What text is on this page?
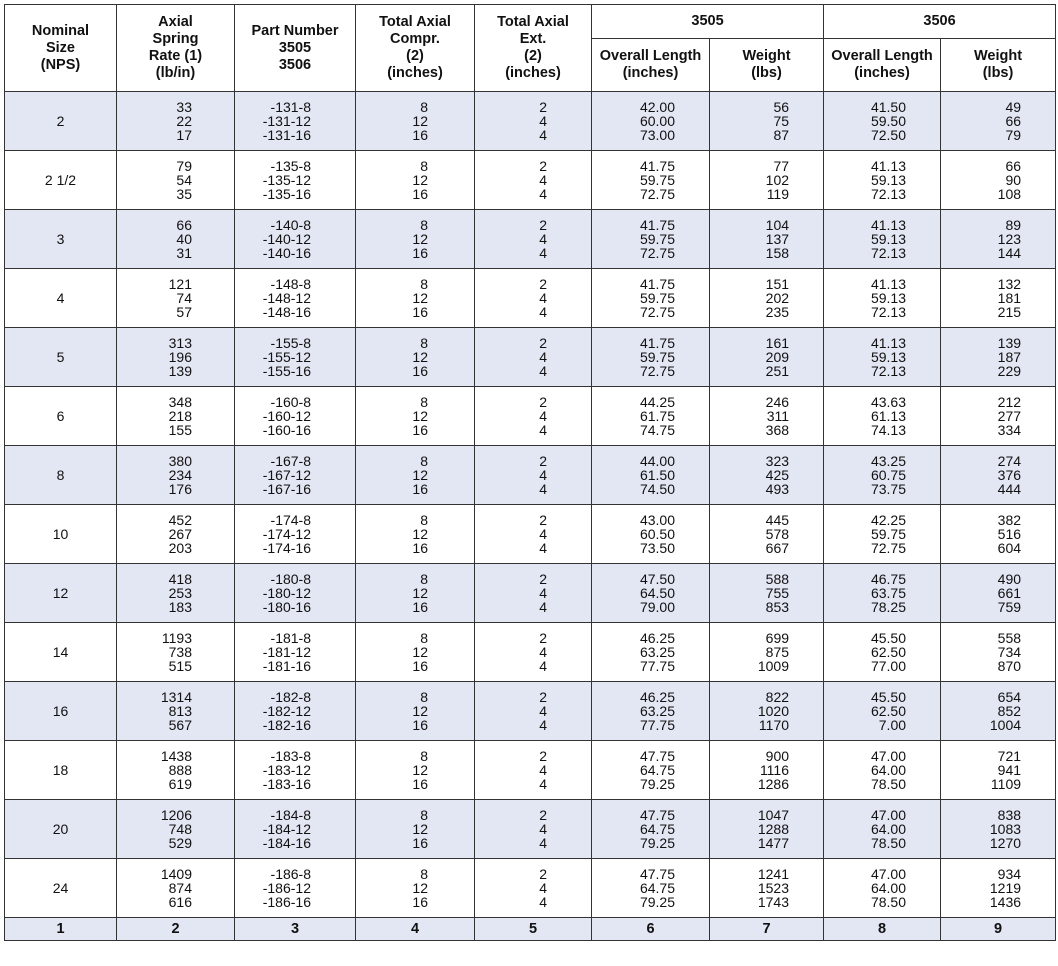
Nominal
Size
(NPS)	Axial
Spring
Rate (1)
(lb/in)	Part Number
3505
3506	Total Axial
Compr.
(2)
(inches)	Total Axial
Ext.
(2)
(inches)	3505		3506	

					Overall Length
(inches)	Weight
(lbs)	Overall Length
(inches)	Weight
(lbs)

2	33
22
17	-131-8
-131-12
-131-16	8
12
16	2
4
4	42.00
60.00
73.00	56
75
87	41.50
59.50
72.50	49
66
79

2 1/2	79
54
35	-135-8
-135-12
-135-16	8
12
16	2
4
4	41.75
59.75
72.75	77
102
119	41.13
59.13
72.13	66
90
108

3	66
40
31	-140-8
-140-12
-140-16	8
12
16	2
4
4	41.75
59.75
72.75	104
137
158	41.13
59.13
72.13	89
123
144

4	121
74
57	-148-8
-148-12
-148-16	8
12
16	2
4
4	41.75
59.75
72.75	151
202
235	41.13
59.13
72.13	132
181
215

5	313
196
139	-155-8
-155-12
-155-16	8
12
16	2
4
4	41.75
59.75
72.75	161
209
251	41.13
59.13
72.13	139
187
229

6	348
218
155	-160-8
-160-12
-160-16	8
12
16	2
4
4	44.25
61.75
74.75	246
311
368	43.63
61.13
74.13	212
277
334

8	380
234
176	-167-8
-167-12
-167-16	8
12
16	2
4
4	44.00
61.50
74.50	323
425
493	43.25
60.75
73.75	274
376
444

10	452
267
203	-174-8
-174-12
-174-16	8
12
16	2
4
4	43.00
60.50
73.50	445
578
667	42.25
59.75
72.75	382
516
604

12	418
253
183	-180-8
-180-12
-180-16	8
12
16	2
4
4	47.50
64.50
79.00	588
755
853	46.75
63.75
78.25	490
661
759

14	1193
738
515	-181-8
-181-12
-181-16	8
12
16	2
4
4	46.25
63.25
77.75	699
875
1009	45.50
62.50
77.00	558
734
870

16	1314
813
567	-182-8
-182-12
-182-16	8
12
16	2
4
4	46.25
63.25
77.75	822
1020
1170	45.50
62.50
7.00	654
852
1004

18	1438
888
619	-183-8
-183-12
-183-16	8
12
16	2
4
4	47.75
64.75
79.25	900
1116
1286	47.00
64.00
78.50	721
941
1109

20	1206
748
529	-184-8
-184-12
-184-16	8
12
16	2
4
4	47.75
64.75
79.25	1047
1288
1477	47.00
64.00
78.50	838
1083
1270

24	1409
874
616	-186-8
-186-12
-186-16	8
12
16	2
4
4	47.75
64.75
79.25	1241
1523
1743	47.00
64.00
78.50	934
1219
1436

1	2	3	4	5	6	7	8	9
